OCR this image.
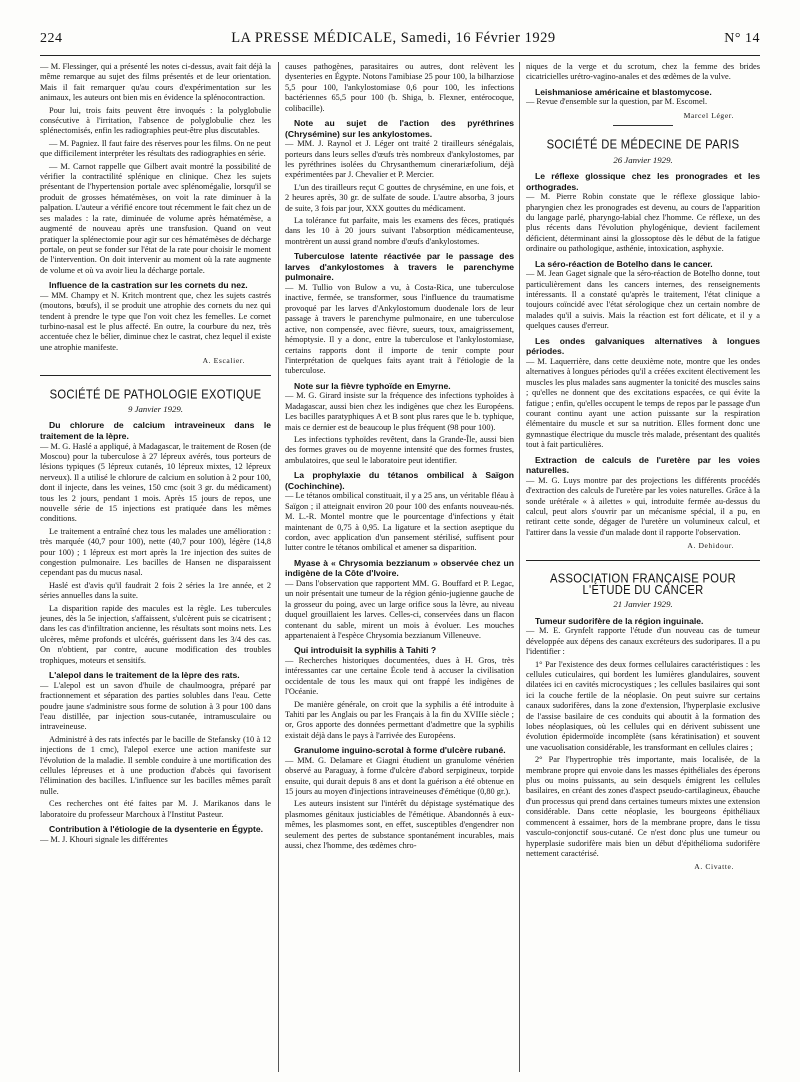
224	LA PRESSE MÉDICALE, Samedi, 16 Février 1929	N° 14

— M. Flessinger, qui a présenté les notes ci-dessus, avait fait déjà la même remarque au sujet des films présentés et de leur orientation. Mais il fait remarquer qu'au cours d'expérimentation sur les animaux, les auteurs ont bien mis en évidence la splénocontraction.

Pour lui, trois faits peuvent être invoqués : la polyglobulie consécutive à l'irritation, l'absence de polyglobulie chez les splénectomisés, enfin les radiographies peut-être plus discutables.

— M. Pagniez. Il faut faire des réserves pour les films. On ne peut que difficilement interpréter les résultats des radiographies en série.

— M. Carnot rappelle que Gilbert avait montré la possibilité de vérifier la contractilité splénique en clinique. Chez les sujets présentant de l'hypertension portale avec splénomégalie, lorsqu'il se produit de grosses hématémèses, on voit la rate diminuer à la palpation. L'auteur a vérifié encore tout récemment le fait chez un de ses malades : la rate, diminuée de volume après hématémèse, a augmenté de nouveau après une transfusion. Quand on veut pratiquer la splénectomie pour agir sur ces hématémèses de décharge portale, on peut se fonder sur l'état de la rate pour choisir le moment de l'intervention. On doit intervenir au moment où la rate augmente de volume et où va avoir lieu la décharge portale.

Influence de la castration sur les cornets du nez.

— MM. Champy et N. Kritch montrent que, chez les sujets castrés (moutons, bœufs), il se produit une atrophie des cornets du nez qui tendent à prendre le type que l'on voit chez les femelles. Le cornet turbino-nasal est le plus affecté. En outre, la courbure du nez, très accentuée chez le bélier, diminue chez le castrat, chez lequel il existe une atrophie manifeste.

A. Escalier.

SOCIÉTÉ DE PATHOLOGIE EXOTIQUE

9 Janvier 1929.

Du chlorure de calcium intraveineux dans le traitement de la lèpre.

— M. G. Haslé a appliqué, à Madagascar, le traitement de Rosen (de Moscou) pour la tuberculose à 27 lépreux avérés, tous porteurs de lésions typiques (5 lépreux cutanés, 10 lépreux mixtes, 12 lépreux nerveux). Il a utilisé le chlorure de calcium en solution à 2 pour 100, dont il injecte, dans les veines, 150 cmc (soit 3 gr. du médicament) tous les 2 jours, pendant 1 mois. Après 15 jours de repos, une nouvelle série de 15 injections est pratiquée dans les mêmes conditions.

Le traitement a entraîné chez tous les malades une amélioration : très marquée (40,7 pour 100), nette (40,7 pour 100), légère (14,8 pour 100) ; 1 lépreux est mort après la 1re injection des suites de congestion pulmonaire. Les bacilles de Hansen ne disparaissent cependant pas du mucus nasal.

Haslé est d'avis qu'il faudrait 2 fois 2 séries la 1re année, et 2 séries annuelles dans la suite.

La disparition rapide des macules est la règle. Les tubercules jeunes, dès la 5e injection, s'affaissent, s'ulcèrent puis se cicatrisent ; dans les cas d'infiltration ancienne, les résultats sont moins nets. Les ulcères, même profonds et ulcérés, guérissent dans les 3/4 des cas. On n'obtient, par contre, aucune modification des troubles trophiques, moteurs et sensitifs.

L'alepol dans le traitement de la lèpre des rats.

— L'alepol est un savon d'huile de chaulmoogra, préparé par fractionnement et séparation des parties solubles dans l'eau. Cette poudre jaune s'administre sous forme de solution à 3 pour 100 dans l'eau distillée, par injection sous-cutanée, intramusculaire ou intraveineuse.

Administré à des rats infectés par le bacille de Stefansky (10 à 12 injections de 1 cmc), l'alepol exerce une action manifeste sur l'évolution de la maladie. Il semble conduire à une mortification des cellules lépreuses et à une production d'abcès qui favorisent l'élimination des bacilles. L'influence sur les bacilles mêmes paraît nulle.

Ces recherches ont été faites par M. J. Marikanos dans le laboratoire du professeur Marchoux à l'Institut Pasteur.

Contribution à l'étiologie de la dysenterie en Égypte.

— M. J. Khouri signale les différentes

causes pathogènes, parasitaires ou autres, dont relèvent les dysenteries en Égypte. Notons l'amibiase 25 pour 100, la bilharziose 5,5 pour 100, l'ankylostomiase 0,6 pour 100, les infections bactériennes 65,5 pour 100 (b. Shiga, b. Flexner, entérocoque, colibacille).

Note au sujet de l'action des pyréthrines (Chrysémine) sur les ankylostomes.

— MM. J. Raynol et J. Léger ont traité 2 tirailleurs sénégalais, porteurs dans leurs selles d'œufs très nombreux d'ankylostomes, par les pyréthrines isolées du Chrysanthemum cinerariæfolium, déjà expérimentées par J. Chevalier et P. Mercier.

L'un des tirailleurs reçut C gouttes de chrysémine, en une fois, et 2 heures après, 30 gr. de sulfate de soude. L'autre absorba, 3 jours de suite, 3 fois par jour, XXX gouttes du médicament.

La tolérance fut parfaite, mais les examens des fèces, pratiqués dans les 10 à 20 jours suivant l'absorption médicamenteuse, montrèrent un aussi grand nombre d'œufs d'ankylostomes.

Tuberculose latente réactivée par le passage des larves d'ankylostomes à travers le parenchyme pulmonaire.

— M. Tullio von Bulow a vu, à Costa-Rica, une tuberculose inactive, fermée, se transformer, sous l'influence du traumatisme provoqué par les larves d'Ankylostomum duodenale lors de leur passage à travers le parenchyme pulmonaire, en une tuberculose active, non compensée, avec fièvre, sueurs, toux, amaigrissement, hémoptysie. Il y a donc, entre la tuberculose et l'ankylostomiase, certains rapports dont il importe de tenir compte pour l'interprétation de quelques faits ayant trait à l'étiologie de la tuberculose.

Note sur la fièvre typhoïde en Emyrne.

— M. G. Girard insiste sur la fréquence des infections typhoïdes à Madagascar, aussi bien chez les indigènes que chez les Européens. Les bacilles paratyphiques A et B sont plus rares que le b. typhique, mais ce dernier est de beaucoup le plus fréquent (98 pour 100).

Les infections typhoïdes revêtent, dans la Grande-Île, aussi bien des formes graves ou de moyenne intensité que des formes frustes, ambulatoires, que seul le laboratoire peut identifier.

La prophylaxie du tétanos ombilical à Saïgon (Cochinchine).

— Le tétanos ombilical constituait, il y a 25 ans, un véritable fléau à Saïgon ; il atteignait environ 20 pour 100 des enfants nouveau-nés. M. L.-R. Montel montre que le pourcentage d'infections y était maintenant de 0,75 à 0,95. La ligature et la section aseptique du cordon, avec application d'un pansement stérilisé, suffisent pour lutter contre le tétanos ombilical et amener sa disparition.

Myase à « Chrysomia bezzianum » observée chez un indigène de la Côte d'Ivoire.

— Dans l'observation que rapportent MM. G. Bouffard et P. Legac, un noir présentait une tumeur de la région génio-jugienne gauche de la grosseur du poing, avec un large orifice sous la lèvre, au niveau duquel grouillaient les larves. Celles-ci, conservées dans un flacon contenant du sable, mirent un mois à évoluer. Les mouches appartenaient à l'espèce Chrysomia bezzianum Villeneuve.

Qui introduisit la syphilis à Tahiti ?

— Recherches historiques documentées, dues à H. Gros, très intéressantes car une certaine École tend à accuser la civilisation occidentale de tous les maux qui ont frappé les indigènes de l'Océanie.

De manière générale, on croit que la syphilis a été introduite à Tahiti par les Anglais ou par les Français à la fin du XVIIIe siècle ; or, Gros apporte des données permettant d'admettre que la syphilis existait déjà dans le pays à l'arrivée des Européens.

Granulome inguino-scrotal à forme d'ulcère rubané.

— MM. G. Delamare et Giagni étudient un granulome vénérien observé au Paraguay, à forme d'ulcère d'abord serpigineux, torpide ensuite, qui durait depuis 8 ans et dont la guérison a été obtenue en 15 jours au moyen d'injections intraveineuses d'émétique (0,80 gr.).

Les auteurs insistent sur l'intérêt du dépistage systématique des plasmomes génitaux justiciables de l'émétique. Abandonnés à eux-mêmes, les plasmomes sont, en effet, susceptibles d'engendrer non seulement des pertes de substance spontanément incurables, mais aussi, chez l'homme, des œdèmes chro-

niques de la verge et du scrotum, chez la femme des brides cicatricielles urétro-vagino-anales et des œdèmes de la vulve.

Leishmaniose américaine et blastomycose.

— Revue d'ensemble sur la question, par M. Escomel.

Marcel Léger.

SOCIÉTÉ DE MÉDECINE DE PARIS

26 Janvier 1929.

Le réflexe glossique chez les pronogrades et les orthogrades.

— M. Pierre Robin constate que le réflexe glossique labio-pharyngien chez les pronogrades est devenu, au cours de l'apparition du langage parlé, pharyngo-labial chez l'homme. Ce réflexe, un des plus récents dans l'évolution phylogénique, devient facilement déficient, déterminant ainsi la glossoptose dès le début de la fatigue ordinaire ou pathologique, asthénie, intoxication, asphyxie.

La séro-réaction de Botelho dans le cancer.

— M. Jean Gaget signale que la séro-réaction de Botelho donne, tout particulièrement dans les cancers internes, des renseignements intéressants. Il a constaté qu'après le traitement, l'état clinique a toujours coïncidé avec l'état sérologique chez un certain nombre de malades qu'il a suivis. Mais la réaction est fort délicate, et il y a quelques causes d'erreur.

Les ondes galvaniques alternatives à longues périodes.

— M. Laquerrière, dans cette deuxième note, montre que les ondes alternatives à longues périodes qu'il a créées excitent électivement les muscles les plus malades sans augmenter la tonicité des muscles sains ; qu'elles ne donnent que des excitations espacées, ce qui évite la fatigue ; enfin, qu'elles occupent le temps de repos par le passage d'un courant continu ayant une action puissante sur la respiration élémentaire du muscle et sur sa nutrition. Elles forment donc une gymnastique électrique du muscle très malade, présentant des qualités tout à fait particulières.

Extraction de calculs de l'uretère par les voies naturelles.

— M. G. Luys montre par des projections les différents procédés d'extraction des calculs de l'uretère par les voies naturelles. Grâce à la sonde urétérale « à ailettes » qui, introduite fermée au-dessus du calcul, peut alors s'ouvrir par un mécanisme spécial, il a pu, en retirant cette sonde, dégager de l'uretère un volumineux calcul, et l'attirer dans la vessie d'un malade dont il rapporte l'observation.

A. Dehidour.

ASSOCIATION FRANÇAISE POUR L'ÉTUDE DU CANCER

21 Janvier 1929.

Tumeur sudorifère de la région inguinale.

— M. E. Grynfelt rapporte l'étude d'un nouveau cas de tumeur développée aux dépens des canaux excréteurs des sudoripares. Il a pu l'identifier :

1° Par l'existence des deux formes cellulaires caractéristiques : les cellules cuticulaires, qui bordent les lumières glandulaires, souvent dilatées ici en cavités microcystiques ; les cellules basilaires qui sont ici la couche fertile de la néoplasie. On peut suivre sur certains canaux sudorifères, dans la zone d'extension, l'hyperplasie exclusive de l'assise basilaire de ces conduits qui aboutit à la formation des lobes néoplasiques, où les cellules qui en dérivent subissent une évolution épidermoïde incomplète (sans kératinisation) et souvent une vacuolisation considérable, les transformant en cellules claires ;

2° Par l'hypertrophie très importante, mais localisée, de la membrane propre qui envoie dans les masses épithéliales des éperons plus ou moins puissants, au sein desquels émigrent les cellules basilaires, en créant des zones d'aspect pseudo-cartilagineux, ébauche d'un processus qui prend dans certaines tumeurs mixtes une extension considérable. Dans cette néoplasie, les bourgeons épithéliaux commencent à essaimer, hors de la membrane propre, dans le tissu vasculo-conjonctif sous-cutané. Ce n'est donc plus une tumeur ou hyperplasie sudorifère mais bien un début d'épithélioma sudorifère nettement caractérisé.

A. Civatte.
